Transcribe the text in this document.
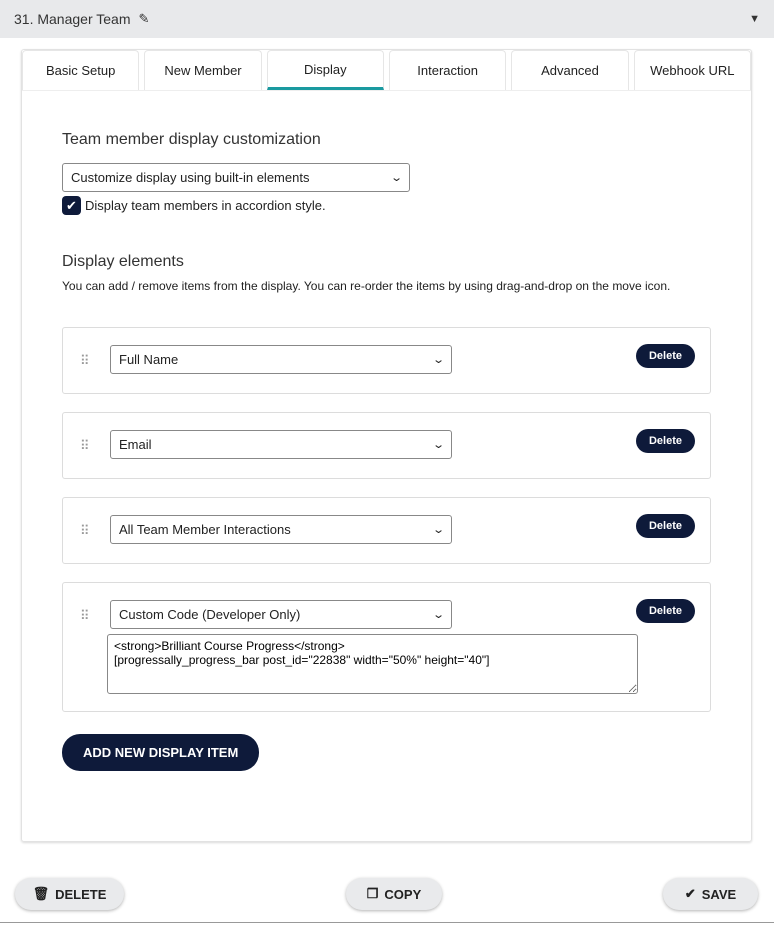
31. Manager Team ✎	▼
Basic Setup	New Member	Display	Interaction	Advanced	Webhook URL
Team member display customization
Customize display using built-in elements	⌄
✔ Display team members in accordion style.
Display elements

You can add / remove items from the display. You can re-order the items by using drag-and-drop on the move icon.

⠿ Full Name	⌄	Delete
⠿ Email	⌄	Delete
⠿ All Team Member Interactions	⌄	Delete
⠿ Custom Code (Developer Only)	⌄
<strong>Brilliant Course Progress</strong> [progressally_progress_bar post_id="22838" width="50%" height="40"]	Delete
ADD NEW DISPLAY ITEM
🗑 DELETE	❐ COPY	✔ SAVE
